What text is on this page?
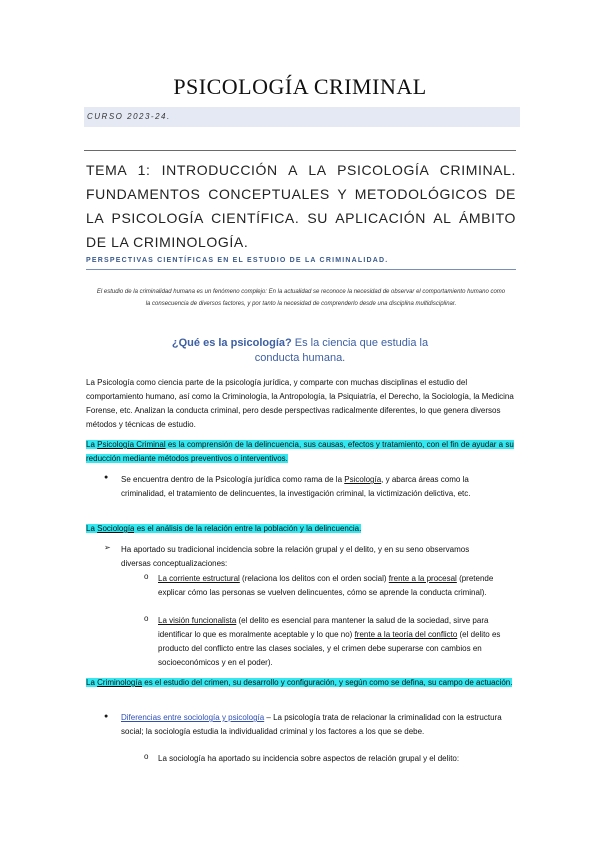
PSICOLOGÍA CRIMINAL
CURSO 2023-24.
TEMA 1: INTRODUCCIÓN A LA PSICOLOGÍA CRIMINAL. FUNDAMENTOS CONCEPTUALES Y METODOLÓGICOS DE LA PSICOLOGÍA CIENTÍFICA. SU APLICACIÓN AL ÁMBITO DE LA CRIMINOLOGÍA.
PERSPECTIVAS CIENTÍFICAS EN EL ESTUDIO DE LA CRIMINALIDAD.
El estudio de la criminalidad humana es un fenómeno complejo: En la actualidad se reconoce la necesidad de observar el comportamiento humano como la consecuencia de diversos factores, y por tanto la necesidad de comprenderlo desde una disciplina multidisciplinar.
¿Qué es la psicología? Es la ciencia que estudia la conducta humana.
La Psicología como ciencia parte de la psicología jurídica, y comparte con muchas disciplinas el estudio del comportamiento humano, así como la Criminología, la Antropología, la Psiquiatría, el Derecho, la Sociología, la Medicina Forense, etc. Analizan la conducta criminal, pero desde perspectivas radicalmente diferentes, lo que genera diversos métodos y técnicas de estudio.
La Psicología Criminal es la comprensión de la delincuencia, sus causas, efectos y tratamiento, con el fin de ayudar a su reducción mediante métodos preventivos o interventivos.
● Se encuentra dentro de la Psicología jurídica como rama de la Psicología, y abarca áreas como la criminalidad, el tratamiento de delincuentes, la investigación criminal, la victimización delictiva, etc.
La Sociología es el análisis de la relación entre la población y la delincuencia.
➢ Ha aportado su tradicional incidencia sobre la relación grupal y el delito, y en su seno observamos diversas conceptualizaciones:
o La corriente estructural (relaciona los delitos con el orden social) frente a la procesal (pretende explicar cómo las personas se vuelven delincuentes, cómo se aprende la conducta criminal).
o La visión funcionalista (el delito es esencial para mantener la salud de la sociedad, sirve para identificar lo que es moralmente aceptable y lo que no) frente a la teoría del conflicto (el delito es producto del conflicto entre las clases sociales, y el crimen debe superarse con cambios en socioeconómicos y en el poder).
La Criminología es el estudio del crimen, su desarrollo y configuración, y según como se defina, su campo de actuación.
● Diferencias entre sociología y psicología – La psicología trata de relacionar la criminalidad con la estructura social; la sociología estudia la individualidad criminal y los factores a los que se debe.
o La sociología ha aportado su incidencia sobre aspectos de relación grupal y el delito:
